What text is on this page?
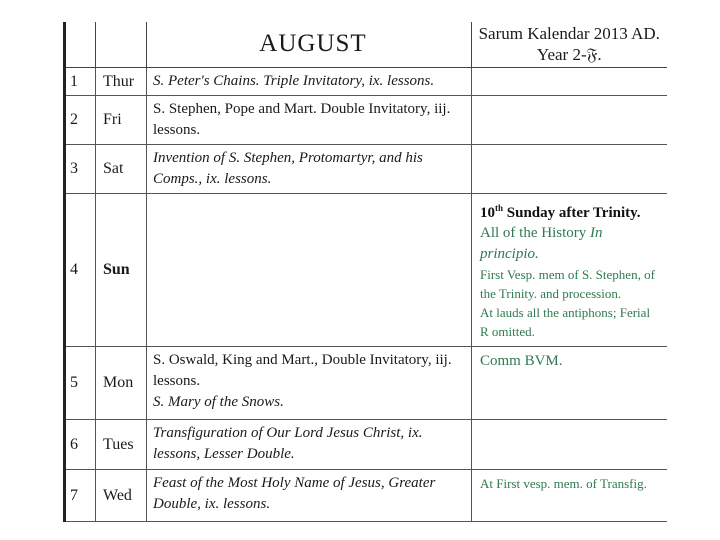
		AUGUST	Sarum Kalendar 2013 AD.
Year 2-𝔉.

1	Thur	S. Peter's Chains. Triple Invitatory, ix. lessons.	
2	Fri	S. Stephen, Pope and Mart. Double Invitatory, iij. lessons.	
3	Sat	Invention of S. Stephen, Protomartyr, and his Comps., ix. lessons.	
4	Sun		10th Sunday after Trinity.
All of the History In principio.
First Vesp. mem of S. Stephen, of the Trinity. and procession.
At lauds all the antiphons; Ferial R omitted.

5	Mon	S. Oswald, King and Mart., Double Invitatory, iij. lessons.
S. Mary of the Snows.	Comm BVM.

6	Tues	Transfiguration of Our Lord Jesus Christ, ix. lessons, Lesser Double.	
7	Wed	Feast of the Most Holy Name of Jesus, Greater Double, ix. lessons.	At First vesp. mem. of Transfig.
